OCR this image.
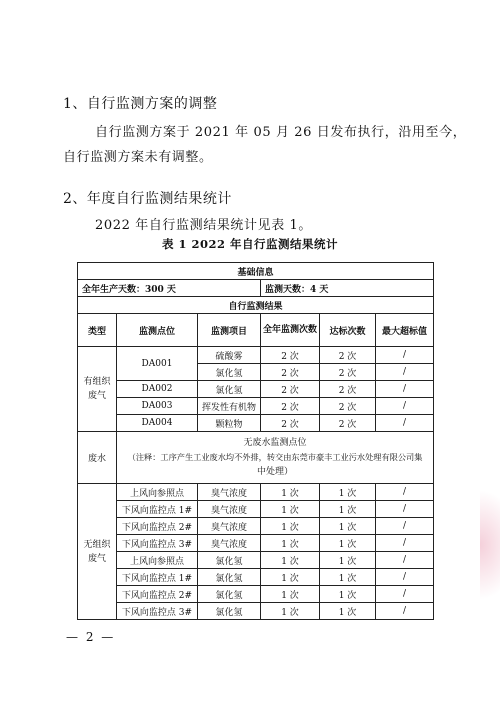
1、自行监测方案的调整
自行监测方案于 2021 年 05 月 26 日发布执行，沿用至今，
自行监测方案未有调整。
2、年度自行监测结果统计
2022 年自行监测结果统计见表 1。
表 1 2022 年自行监测结果统计
基础信息					
全年生产天数：300 天			监测天数：4 天		
自行监测结果					
类型	监测点位	监测项目	全年监测次数	达标次数	最大超标值
有组织
废气	DA001	硫酸雾	2 次	2 次	/
		氯化氢	2 次	2 次	/
	DA002	氯化氢	2 次	2 次	/
	DA003	挥发性有机物	2 次	2 次	/
	DA004	颗粒物	2 次	2 次	/
废水	无废水监测点位
（注释：工序产生工业废水均不外排，转交由东莞市豪丰工业污水处理有限公司集
中处理）				
无组织
废气	上风向参照点	臭气浓度	1 次	1 次	/
	下风向监控点 1#	臭气浓度	1 次	1 次	/
	下风向监控点 2#	臭气浓度	1 次	1 次	/
	下风向监控点 3#	臭气浓度	1 次	1 次	/
	上风向参照点	氯化氢	1 次	1 次	/
	下风向监控点 1#	氯化氢	1 次	1 次	/
	下风向监控点 2#	氯化氢	1 次	1 次	/
	下风向监控点 3#	氯化氢	1 次	1 次	/
— 2 —
